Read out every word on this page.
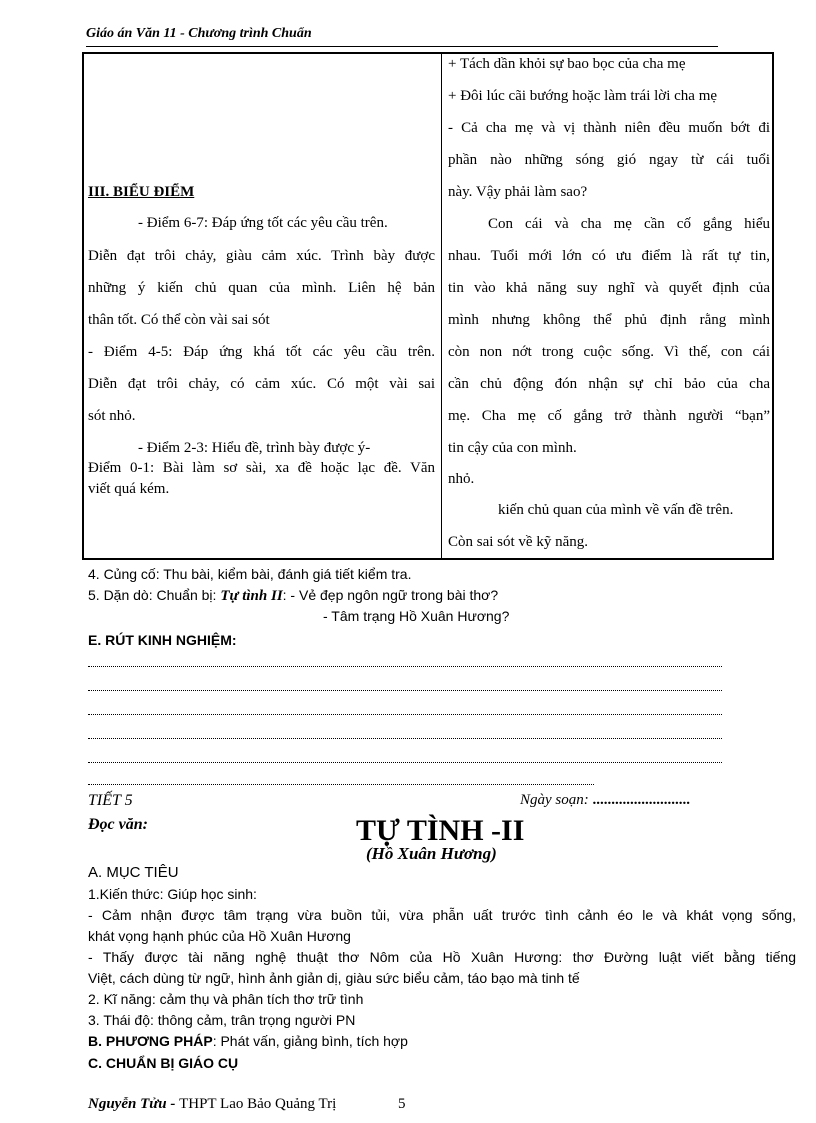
Giáo án Văn 11 - Chương trình Chuẩn
III. BIỂU ĐIỂM
- Điểm 6-7: Đáp ứng tốt các yêu cầu trên.
Diễn đạt trôi chảy, giàu cảm xúc. Trình bày được
những ý kiến chủ quan của mình. Liên hệ bản
thân tốt. Có thể còn vài sai sót
- Điểm 4-5: Đáp ứng khá tốt các yêu cầu trên.
Diễn đạt trôi chảy, có cảm xúc. Có một vài sai
sót nhỏ.
- Điểm 2-3: Hiểu đề, trình bày được ý-
Điểm 0-1: Bài làm sơ sài, xa đề hoặc lạc đề. Văn
viết quá kém.
+ Tách dần khỏi sự bao bọc của cha mẹ
+ Đôi lúc cãi bướng hoặc làm trái lời cha mẹ
- Cả cha mẹ và vị thành niên đều muốn bớt đi
phần nào những sóng gió ngay từ cái tuổi
này. Vậy phải làm sao?
Con cái và cha mẹ cần cố gắng hiểu
nhau. Tuổi mới lớn có ưu điểm là rất tự tin,
tin vào khả năng suy nghĩ và quyết định của
mình nhưng không thể phủ định rằng mình
còn non nớt trong cuộc sống. Vì thế, con cái
cần chủ động đón nhận sự chỉ bảo của cha
mẹ. Cha mẹ cố gắng trở thành người “bạn”
tin cậy của con mình.
nhỏ.
kiến chủ quan của mình về vấn đề trên.
Còn sai sót về kỹ năng.
4. Củng cố: Thu bài, kiểm bài, đánh giá tiết kiểm tra.
5. Dặn dò: Chuẩn bị: Tự tình II: - Vẻ đẹp ngôn ngữ trong bài thơ?
- Tâm trạng Hồ Xuân Hương?
E. RÚT KINH NGHIỆM:
TIẾT 5	Ngày soạn: ..........................
Đọc văn:	TỰ TÌNH -II
(Hồ Xuân Hương)
A. MỤC TIÊU
1.Kiến thức: Giúp học sinh:
- Cảm nhận được tâm trạng vừa buồn tủi, vừa phẫn uất trước tình cảnh éo le và khát vọng sống,
khát vọng hạnh phúc của Hồ Xuân Hương
- Thấy được tài năng nghệ thuật thơ Nôm của Hồ Xuân Hương: thơ Đường luật viết bằng tiếng
Việt, cách dùng từ ngữ, hình ảnh giản dị, giàu sức biểu cảm, táo bạo mà tinh tế
2. Kĩ năng: cảm thụ và phân tích thơ trữ tình
3. Thái độ: thông cảm, trân trọng người PN
B. PHƯƠNG PHÁP: Phát vấn, giảng bình, tích hợp
C. CHUẨN BỊ GIÁO CỤ
Nguyễn Tửu - THPT Lao Bảo Quảng Trị	5
